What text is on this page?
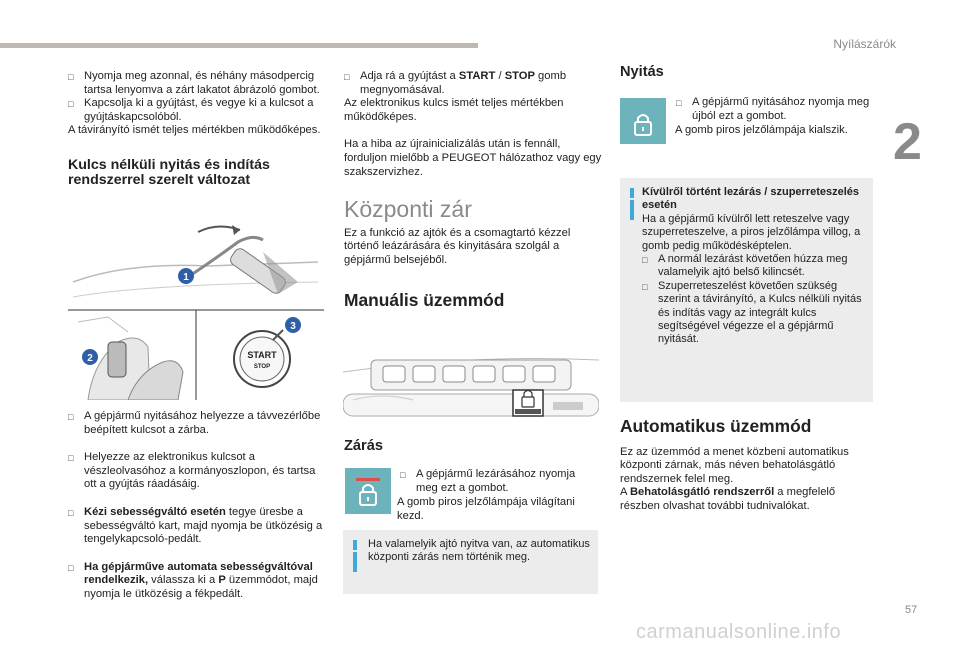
Nyílászárók
2
57
carmanualsonline.info
□ Nyomja meg azonnal, és néhány másodpercig tartsa lenyomva a zárt lakatot ábrázoló gombot.
□ Kapcsolja ki a gyújtást, és vegye ki a kulcsot a gyújtáskapcsolóból.

A távirányító ismét teljes mértékben működőképes.

Kulcs nélküli nyitás és indítás rendszerrel szerelt változat
START
STOP
1
2
3
□ A gépjármű nyitásához helyezze a távvezérlőbe beépített kulcsot a zárba.
□ Helyezze az elektronikus kulcsot a vészleolvasóhoz a kormányoszlopon, és tartsa ott a gyújtás ráadásáig.
□ Kézi sebességváltó esetén tegye üresbe a sebességváltó kart, majd nyomja be ütközésig a tengelykapcsoló-pedált.
□ Ha gépjárműve automata sebességváltóval rendelkezik, válassza ki a P üzemmódot, majd nyomja le ütközésig a fékpedált.
□ Adja rá a gyújtást a START / STOP gomb megnyomásával.

Az elektronikus kulcs ismét teljes mértékben működőképes.

Ha a hiba az újrainicializálás után is fennáll, forduljon mielőbb a PEUGEOT hálózathoz vagy egy szakszervizhez.

Központi zár

Ez a funkció az ajtók és a csomagtartó kézzel történő leázárására és kinyitására szolgál a gépjármű belsejéből.

Manuális üzemmód
Zárás
□ A gépjármű lezárásához nyomja meg ezt a gombot.
A gomb piros jelzőlámpája világítani kezd.
Ha valamelyik ajtó nyitva van, az automatikus központi zárás nem történik meg.
Nyitás
□ A gépjármű nyitásához nyomja meg újból ezt a gombot.
A gomb piros jelzőlámpája kialszik.
Kívülről történt lezárás / szuperreteszelés esetén
Ha a gépjármű kívülről lett reteszelve vagy szuperreteszelve, a piros jelzőlámpa villog, a gomb pedig működésképtelen.
□ A normál lezárást követően húzza meg valamelyik ajtó belső kilincsét.
□ Szuperreteszelést követően szükség szerint a távirányító, a Kulcs nélküli nyitás és indítás vagy az integrált kulcs segítségével végezze el a gépjármű nyitását.
Automatikus üzemmód

Ez az üzemmód a menet közbeni automatikus központi zárnak, más néven behatolásgátló rendszernek felel meg.

A Behatolásgátló rendszerről a megfelelő részben olvashat további tudnivalókat.
